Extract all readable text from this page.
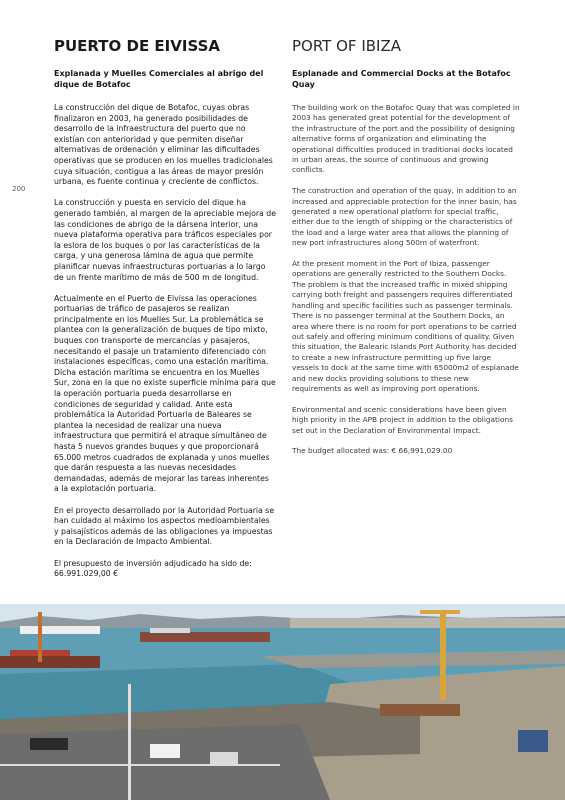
200
PUERTO DE EIVISSA
Explanada y Muelles Comerciales al abrigo del dique de Botafoc

La construcción del dique de Botafoc, cuyas obras finalizaron en 2003, ha generado posibilidades de desarrollo de la infraestructura del puerto que no existían con anterioridad y que permiten diseñar alternativas de ordenación y eliminar las dificultades operativas que se producen en los muelles tradicionales cuya situación, contigua a las áreas de mayor presión urbana, es fuente continua y creciente de conflictos.

La construcción y puesta en servicio del dique ha generado también, al margen de la apreciable mejora de las condiciones de abrigo de la dársena interior, una nueva plataforma operativa para tráficos especiales por la eslora de los buques o por las características de la carga, y una generosa lámina de agua que permite planificar nuevas infraestructuras portuarias a lo largo de un frente marítimo de más de 500 m de longitud.

Actualmente en el Puerto de Eivissa las operaciones portuarias de tráfico de pasajeros se realizan principalmente en los Muelles Sur. La problemática se plantea con la generalización de buques de tipo mixto, buques con transporte de mercancías y pasajeros, necesitando el pasaje un tratamiento diferenciado con instalaciones específicas, como una estación marítima. Dicha estación marítima se encuentra en los Muelles Sur, zona en la que no existe superficie mínima para que la operación portuaria pueda desarrollarse en condiciones de seguridad y calidad. Ante esta problemática la Autoridad Portuaria de Baleares se plantea la necesidad de realizar una nueva infraestructura que permitirá el atraque simultáneo de hasta 5 nuevos grandes buques y que proporcionará 65.000 metros cuadrados de explanada y unos muelles que darán respuesta a las nuevas necesidades demandadas, además de mejorar las tareas inherentes a la explotación portuaria.

En el proyecto desarrollado por la Autoridad Portuaria se han cuidado al máximo los aspectos medioambientales y paisajísticos además de las obligaciones ya impuestas en la Declaración de Impacto Ambiental.

El presupuesto de inversión adjudicado ha sido de: 66.991.029,00 €

PORT OF IBIZA
Esplanade and Commercial Docks at the Botafoc Quay

The building work on the Botafoc Quay that was completed in 2003 has generated great potential for the development of the infrastructure of the port and the possibility of designing alternative forms of organization and eliminating the operational difficulties produced in traditional docks located in urban areas, the source of continuous and growing conflicts.

The construction and operation of the quay, in addition to an increased and appreciable protection for the inner basin, has generated a new operational platform for special traffic, either due to the length of shipping or the characteristics of the load and a large water area that allows the planning of new port infrastructures along 500m of waterfront.

At the present moment in the Port of Ibiza, passenger operations are generally restricted to the Southern Docks. The problem is that the increased traffic in mixed shipping carrying both freight and passengers requires differentiated handling and specific facilities such as passenger terminals. There is no passenger terminal at the Southern Docks, an area where there is no room for port operations to be carried out safely and offering minimum conditions of quality. Given this situation, the Balearic Islands Port Authority has decided to create a new infrastructure permitting up five large vessels to dock at the same time with 65000m2 of esplanade and new docks providing solutions to these new requirements as well as improving port operations.

Environmental and scenic considerations have been given high priority in the APB project in addition to the obligations set out in the Declaration of Environmental Impact.

The budget allocated was: € 66,991,029.00
